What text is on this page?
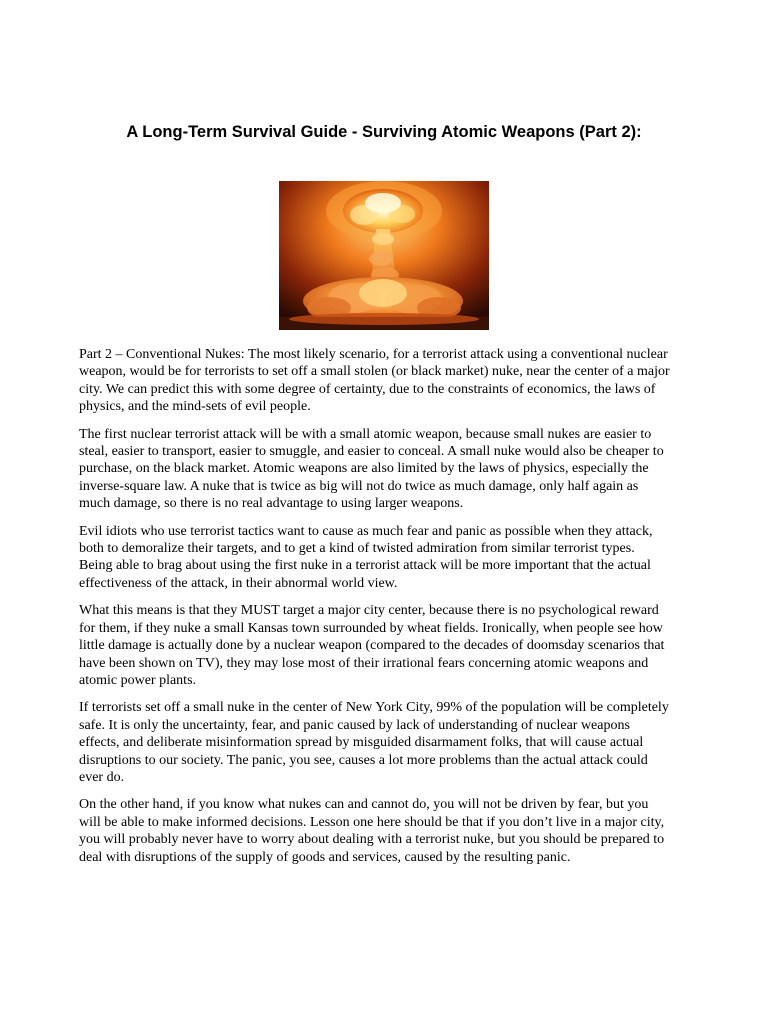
A Long-Term Survival Guide - Surviving Atomic Weapons (Part 2):

Part 2 – Conventional Nukes: The most likely scenario, for a terrorist attack using a conventional nuclear weapon, would be for terrorists to set off a small stolen (or black market) nuke, near the center of a major city. We can predict this with some degree of certainty, due to the constraints of economics, the laws of physics, and the mind-sets of evil people.

The first nuclear terrorist attack will be with a small atomic weapon, because small nukes are easier to steal, easier to transport, easier to smuggle, and easier to conceal. A small nuke would also be cheaper to purchase, on the black market. Atomic weapons are also limited by the laws of physics, especially the inverse-square law. A nuke that is twice as big will not do twice as much damage, only half again as much damage, so there is no real advantage to using larger weapons.

Evil idiots who use terrorist tactics want to cause as much fear and panic as possible when they attack, both to demoralize their targets, and to get a kind of twisted admiration from similar terrorist types. Being able to brag about using the first nuke in a terrorist attack will be more important that the actual effectiveness of the attack, in their abnormal world view.

What this means is that they MUST target a major city center, because there is no psychological reward for them, if they nuke a small Kansas town surrounded by wheat fields. Ironically, when people see how little damage is actually done by a nuclear weapon (compared to the decades of doomsday scenarios that have been shown on TV), they may lose most of their irrational fears concerning atomic weapons and atomic power plants.

If terrorists set off a small nuke in the center of New York City, 99% of the population will be completely safe. It is only the uncertainty, fear, and panic caused by lack of understanding of nuclear weapons effects, and deliberate misinformation spread by misguided disarmament folks, that will cause actual disruptions to our society. The panic, you see, causes a lot more problems than the actual attack could ever do.

On the other hand, if you know what nukes can and cannot do, you will not be driven by fear, but you will be able to make informed decisions. Lesson one here should be that if you don’t live in a major city, you will probably never have to worry about dealing with a terrorist nuke, but you should be prepared to deal with disruptions of the supply of goods and services, caused by the resulting panic.
